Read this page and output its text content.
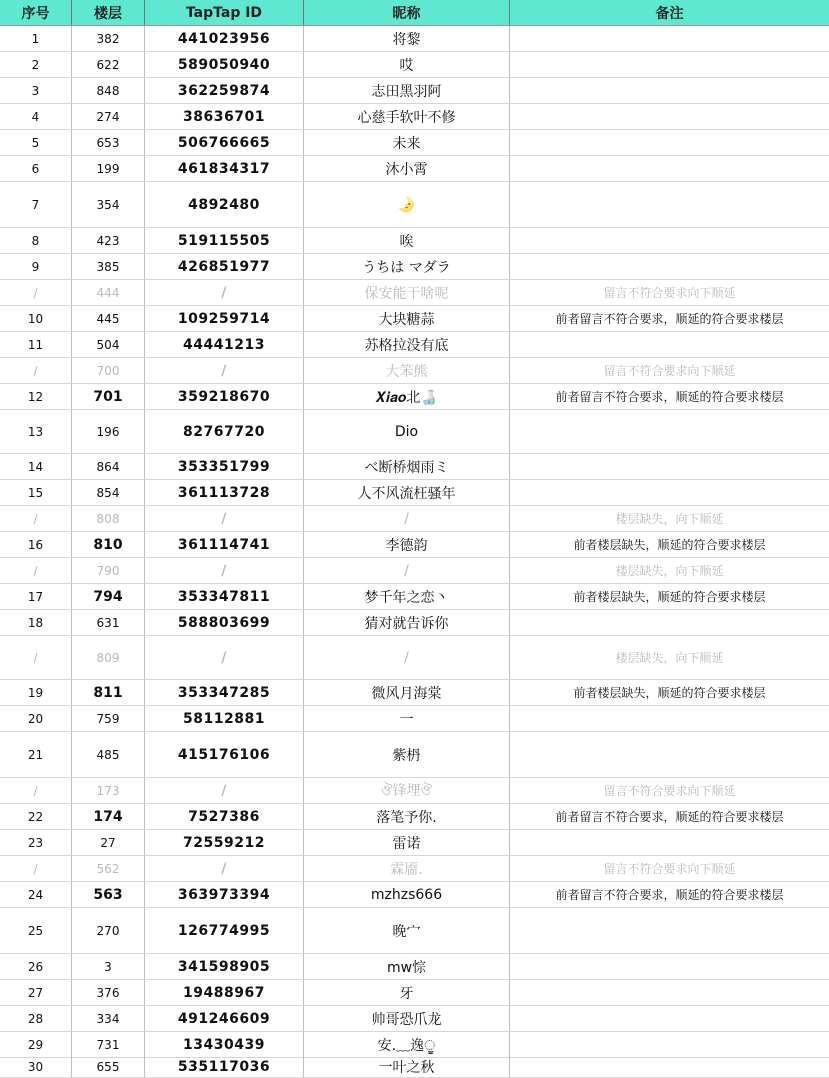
序号	楼层	TapTap ID	昵称	备注
1	382	441023956	将黎
2	622	589050940	哎
3	848	362259874	志田黑羽阿
4	274	38636701	心慈手软叶不修
5	653	506766665	未来
6	199	461834317	沐小霄
7	354	4892480	🌛
8	423	519115505	唉
9	385	426851977	うちは マダラ
/	444	/	保安能干啥呢	留言不符合要求向下顺延
10	445	109259714	大块糖蒜	前者留言不符合要求，顺延的符合要求楼层
11	504	44441213	苏格拉没有底
/	700	/	大笨熊	留言不符合要求向下顺延
12	701	359218670	𝑿𝒊𝒂𝒐北🍶	前者留言不符合要求，顺延的符合要求楼层
13	196	82767720	Dio
14	864	353351799	べ断桥烟雨ミ
15	854	361113728	人不风流枉骚年
/	808	/	/	楼层缺失，向下顺延
16	810	361114741	李德韵	前者楼层缺失，顺延的符合要求楼层
/	790	/	/	楼层缺失，向下顺延
17	794	353347811	梦千年之恋丶	前者楼层缺失，顺延的符合要求楼层
18	631	588803699	猜对就告诉你
/	809	/	/	楼层缺失，向下顺延
19	811	353347285	微风月海棠	前者楼层缺失，顺延的符合要求楼层
20	759	58112881	一
21	485	415176106	紫枬
/	173	/	ঔ锋埋ঔ	留言不符合要求向下顺延
22	174	7527386	落笔予你.	前者留言不符合要求，顺延的符合要求楼层
23	27	72559212	雷诺
/	562	/	霖靥.	留言不符合要求向下顺延
24	563	363973394	mzhzs666	前者留言不符合要求，顺延的符合要求楼层
25	270	126774995	晚宀
26	3	341598905	mw悰
27	376	19488967	牙
28	334	491246609	帅哥恐爪龙
29	731	13430439	安.﹏逸ੂ
30	655	535117036	一叶之秋
